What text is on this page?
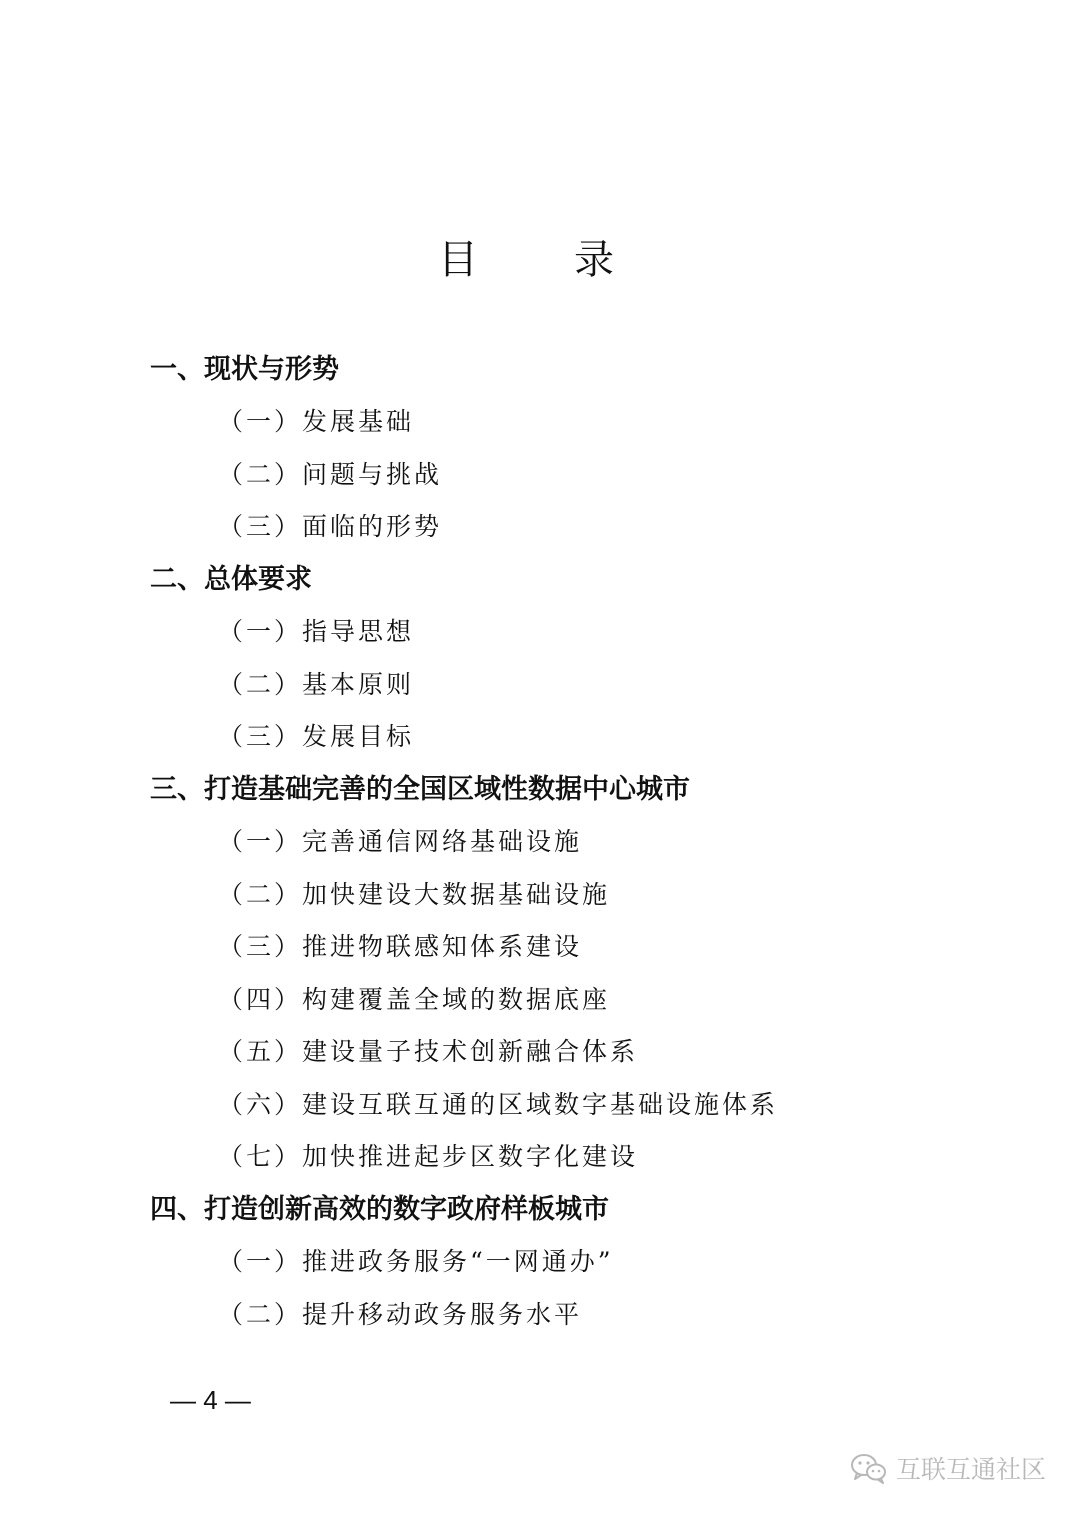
目　录
一、现状与形势
（一）发展基础
（二）问题与挑战
（三）面临的形势
二、总体要求
（一）指导思想
（二）基本原则
（三）发展目标
三、打造基础完善的全国区域性数据中心城市
（一）完善通信网络基础设施
（二）加快建设大数据基础设施
（三）推进物联感知体系建设
（四）构建覆盖全域的数据底座
（五）建设量子技术创新融合体系
（六）建设互联互通的区域数字基础设施体系
（七）加快推进起步区数字化建设
四、打造创新高效的数字政府样板城市
（一）推进政务服务“一网通办”
（二）提升移动政务服务水平
— 4 —
互联互通社区
